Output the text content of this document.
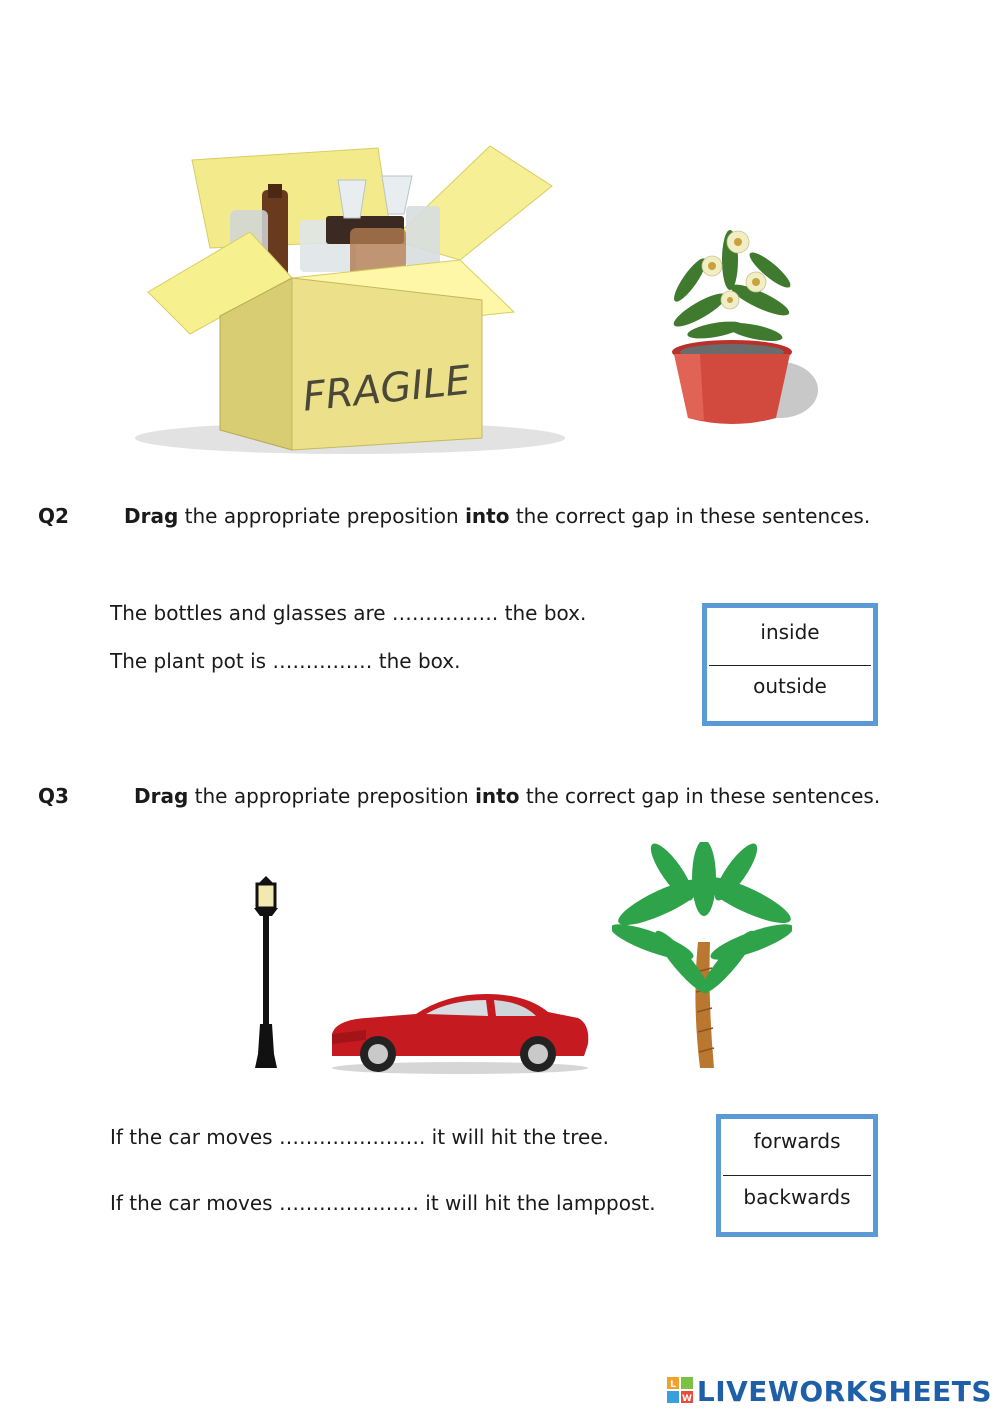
FRAGILE
Q2	Drag the appropriate preposition into the correct gap in these sentences.
The bottles and glasses are ……………. the box.
The plant pot is …………… the box.
inside
outside
Q3	Drag the appropriate preposition into the correct gap in these sentences.
If the car moves …………………. it will hit the tree.
If the car moves ………………… it will hit the lamppost.
forwards
backwards
L
W LIVEWORKSHEETS
